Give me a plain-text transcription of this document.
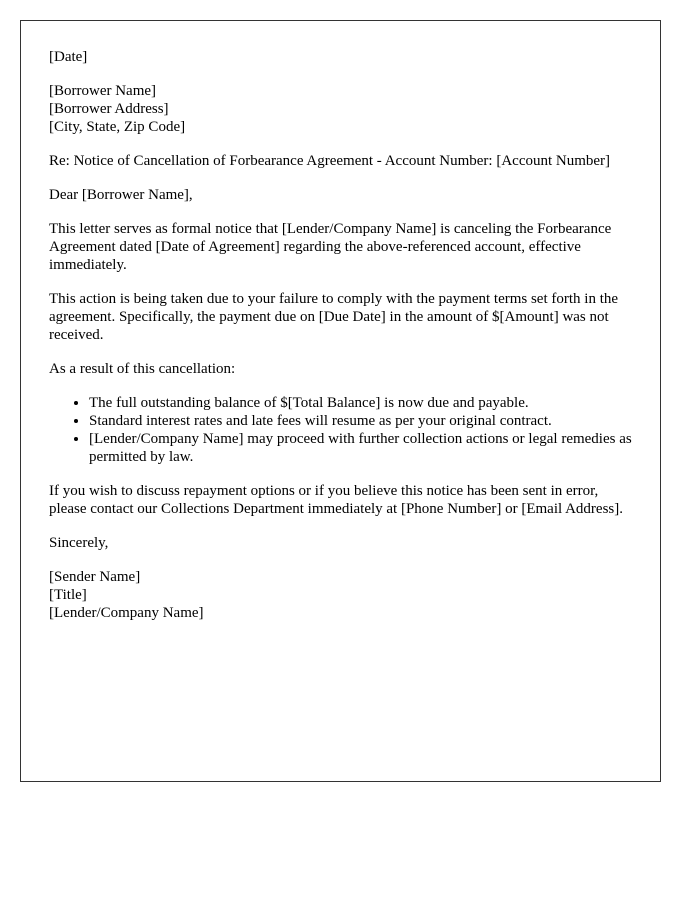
[Date]

[Borrower Name]
[Borrower Address]
[City, State, Zip Code]

Re: Notice of Cancellation of Forbearance Agreement - Account Number: [Account Number]

Dear [Borrower Name],

This letter serves as formal notice that [Lender/Company Name] is canceling the Forbearance Agreement dated [Date of Agreement] regarding the above-referenced account, effective immediately.

This action is being taken due to your failure to comply with the payment terms set forth in the agreement. Specifically, the payment due on [Due Date] in the amount of $[Amount] was not received.

As a result of this cancellation:

• The full outstanding balance of $[Total Balance] is now due and payable.
• Standard interest rates and late fees will resume as per your original contract.
• [Lender/Company Name] may proceed with further collection actions or legal remedies as permitted by law.

If you wish to discuss repayment options or if you believe this notice has been sent in error, please contact our Collections Department immediately at [Phone Number] or [Email Address].

Sincerely,

[Sender Name]
[Title]
[Lender/Company Name]
